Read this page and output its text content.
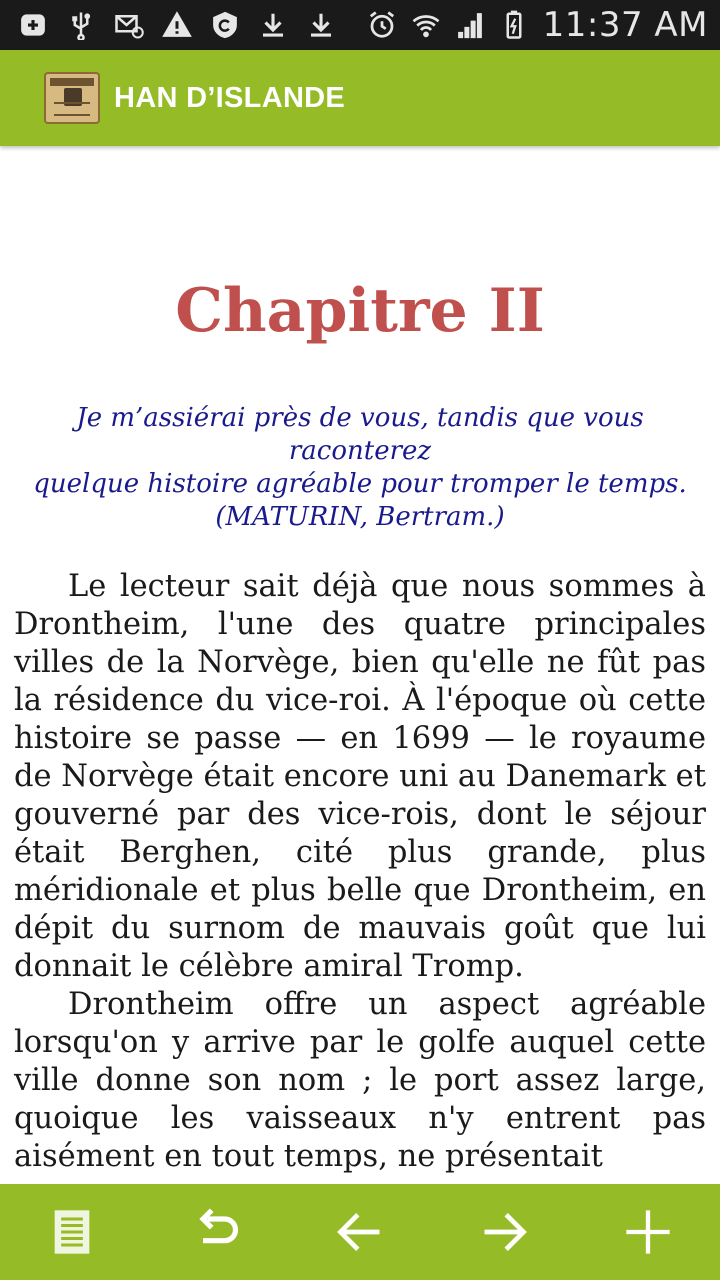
11:37 AM
HAN D’ISLANDE
Chapitre II
Je m’assiérai près de vous, tandis que vous raconterez
quelque histoire agréable pour tromper le temps.
(MATURIN, Bertram.)

Le lecteur sait déjà que nous sommes à Drontheim, l'une des quatre principales villes de la Norvège, bien qu'elle ne fût pas la résidence du vice-roi. À l'époque où cette histoire se passe — en 1699 — le royaume de Norvège était encore uni au Danemark et gouverné par des vice-rois, dont le séjour était Berghen, cité plus grande, plus méridionale et plus belle que Drontheim, en dépit du surnom de mauvais goût que lui donnait le célèbre amiral Tromp.

Drontheim offre un aspect agréable lorsqu'on y arrive par le golfe auquel cette ville donne son nom ; le port assez large, quoique les vaisseaux n'y entrent pas aisément en tout temps, ne présentait
